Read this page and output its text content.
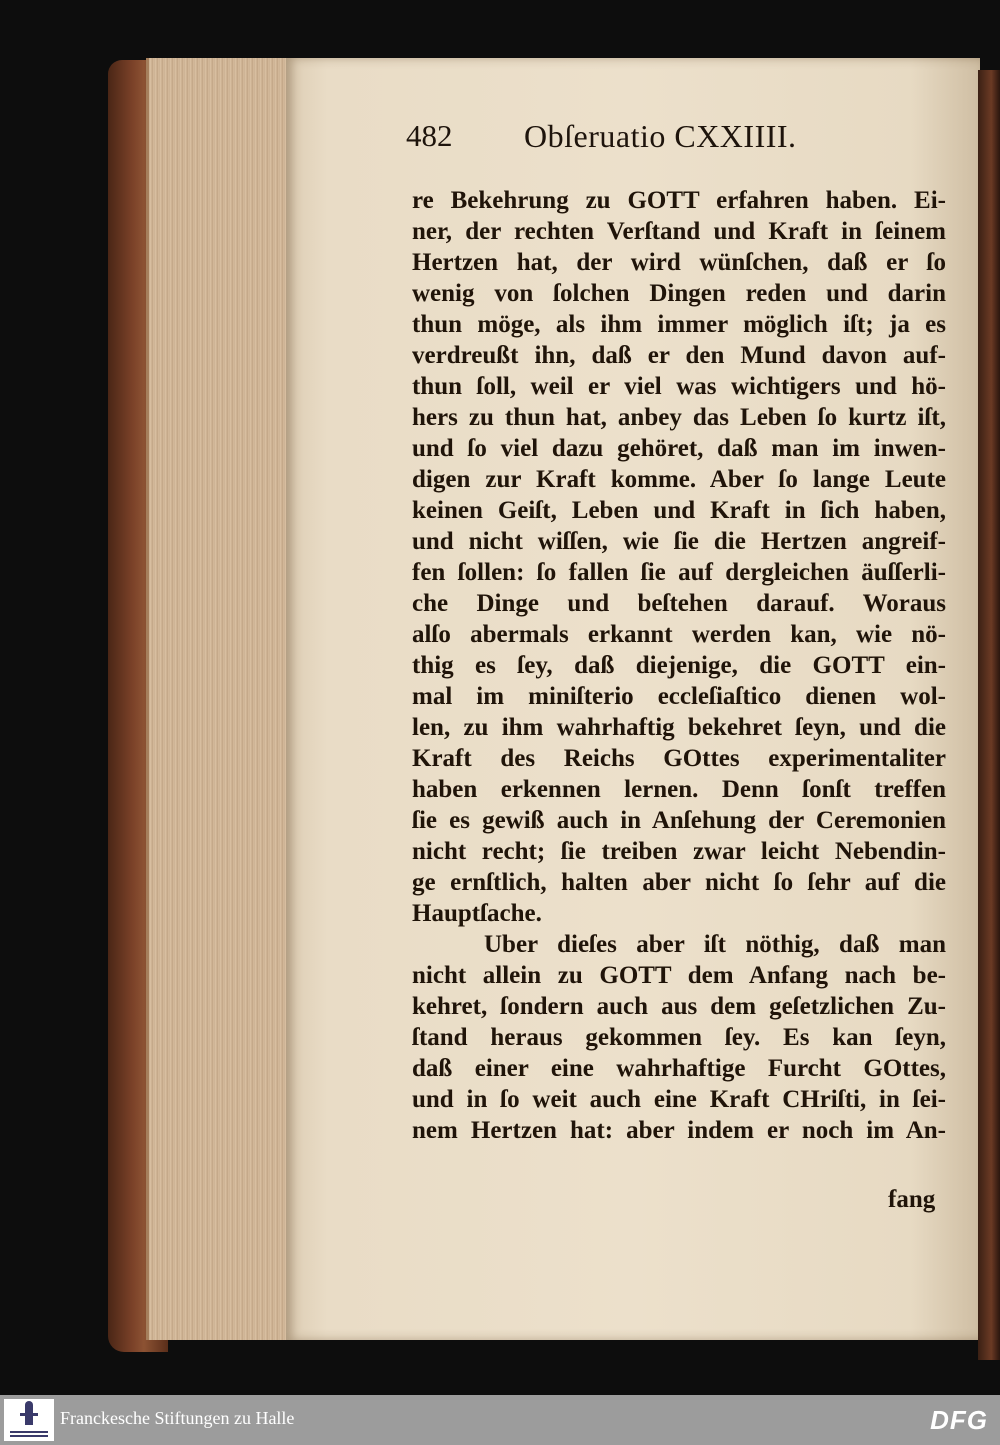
482 Obſeruatio CXXIIII.
re Bekehrung zu GOTT erfahren haben. Ei-
ner, der rechten Verſtand und Kraft in ſeinem
Hertzen hat, der wird wünſchen, daß er ſo
wenig von ſolchen Dingen reden und darin
thun möge, als ihm immer möglich iſt; ja es
verdreußt ihn, daß er den Mund davon auf-
thun ſoll, weil er viel was wichtigers und hö-
hers zu thun hat, anbey das Leben ſo kurtz iſt,
und ſo viel dazu gehöret, daß man im inwen-
digen zur Kraft komme. Aber ſo lange Leute
keinen Geiſt, Leben und Kraft in ſich haben,
und nicht wiſſen, wie ſie die Hertzen angreif-
fen ſollen: ſo fallen ſie auf dergleichen äuſſerli-
che Dinge und beſtehen darauf. Woraus
alſo abermals erkannt werden kan, wie nö-
thig es ſey, daß diejenige, die GOTT ein-
mal im miniſterio eccleſiaſtico dienen wol-
len, zu ihm wahrhaftig bekehret ſeyn, und die
Kraft des Reichs GOttes experimentaliter
haben erkennen lernen. Denn ſonſt treffen
ſie es gewiß auch in Anſehung der Ceremonien
nicht recht; ſie treiben zwar leicht Nebendin-
ge ernſtlich, halten aber nicht ſo ſehr auf die
Hauptſache.
Uber dieſes aber iſt nöthig, daß man
nicht allein zu GOTT dem Anfang nach be-
kehret, ſondern auch aus dem geſetzlichen Zu-
ſtand heraus gekommen ſey. Es kan ſeyn,
daß einer eine wahrhaftige Furcht GOttes,
und in ſo weit auch eine Kraft CHriſti, in ſei-
nem Hertzen hat: aber indem er noch im An-
fang
Franckesche Stiftungen zu Halle	DFG
